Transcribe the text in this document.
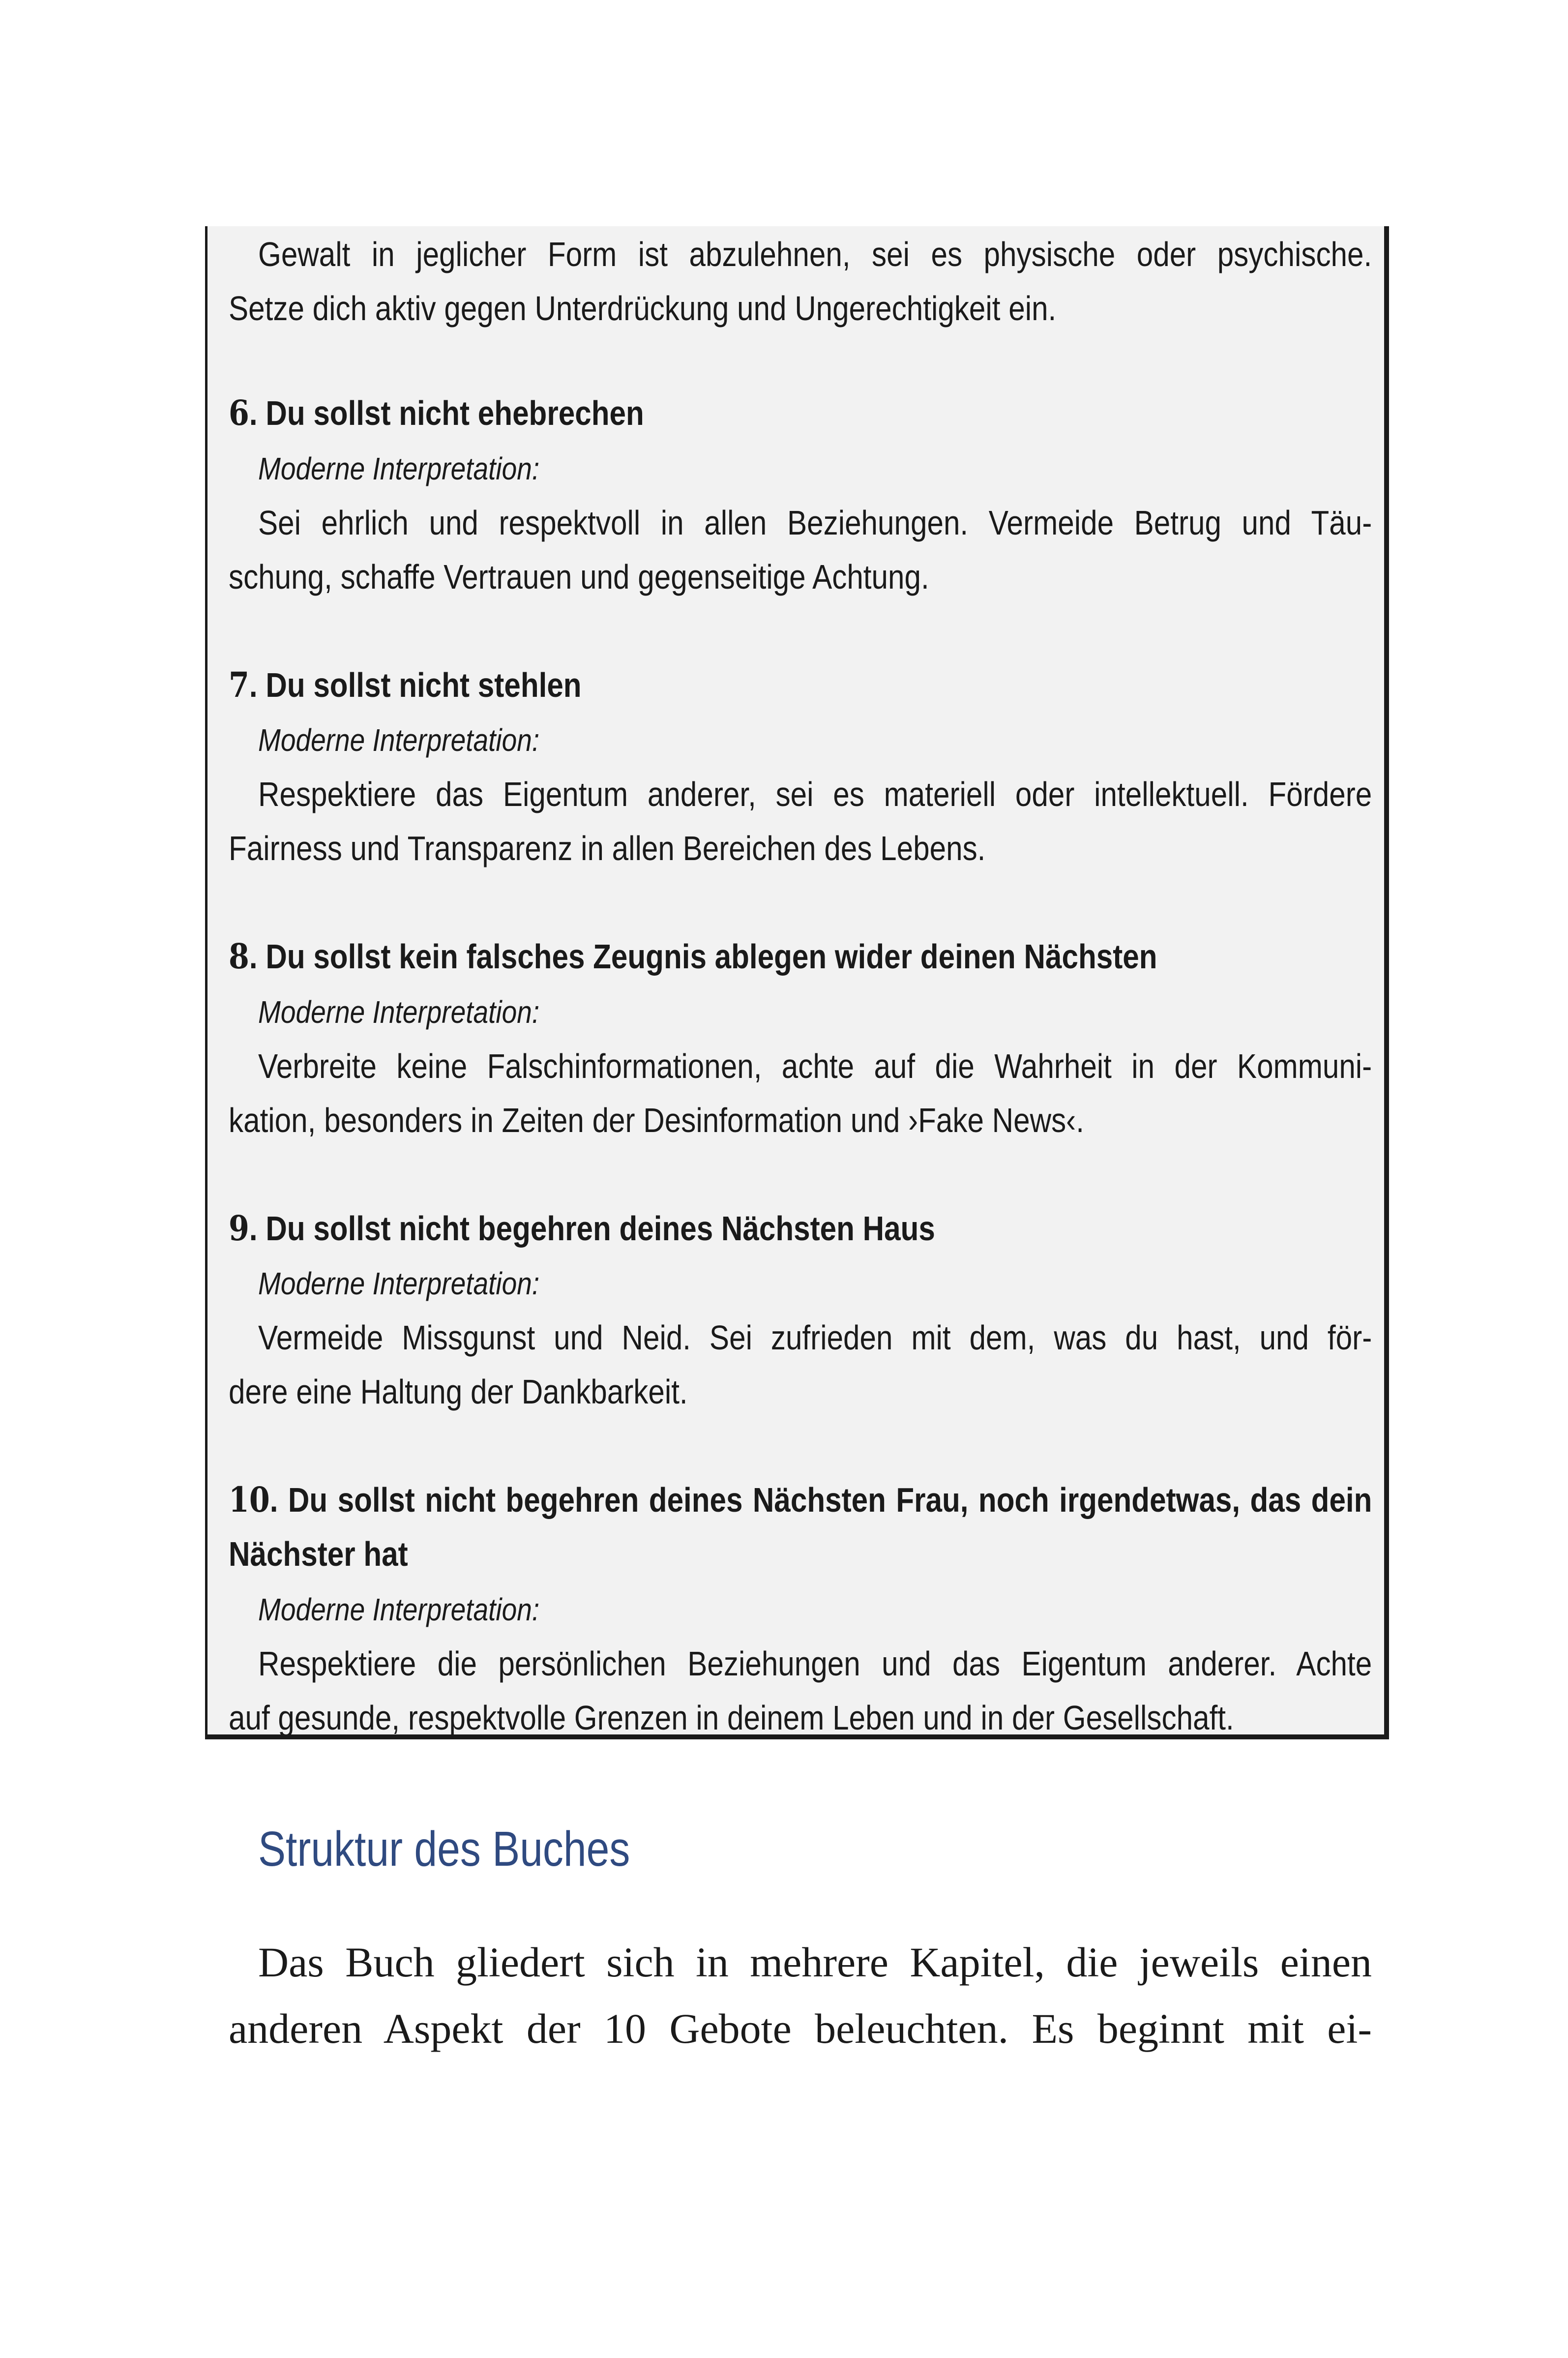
Gewalt in jeglicher Form ist abzulehnen, sei es physische oder psychische.
Setze dich aktiv gegen Unterdrückung und Ungerechtigkeit ein.
6. Du sollst nicht ehebrechen
Moderne Interpretation:
Sei ehrlich und respektvoll in allen Beziehungen. Vermeide Betrug und Täu-
schung, schaffe Vertrauen und gegenseitige Achtung.
7. Du sollst nicht stehlen
Moderne Interpretation:
Respektiere das Eigentum anderer, sei es materiell oder intellektuell. Fördere
Fairness und Transparenz in allen Bereichen des Lebens.
8. Du sollst kein falsches Zeugnis ablegen wider deinen Nächsten
Moderne Interpretation:
Verbreite keine Falschinformationen, achte auf die Wahrheit in der Kommuni-
kation, besonders in Zeiten der Desinformation und ›Fake News‹.
9. Du sollst nicht begehren deines Nächsten Haus
Moderne Interpretation:
Vermeide Missgunst und Neid. Sei zufrieden mit dem, was du hast, und för-
dere eine Haltung der Dankbarkeit.
10. Du sollst nicht begehren deines Nächsten Frau, noch irgendetwas, das dein
Nächster hat
Moderne Interpretation:
Respektiere die persönlichen Beziehungen und das Eigentum anderer. Achte
auf gesunde, respektvolle Grenzen in deinem Leben und in der Gesellschaft.
Struktur des Buches
Das Buch gliedert sich in mehrere Kapitel, die jeweils einen
anderen Aspekt der 10 Gebote beleuchten. Es beginnt mit ei-
